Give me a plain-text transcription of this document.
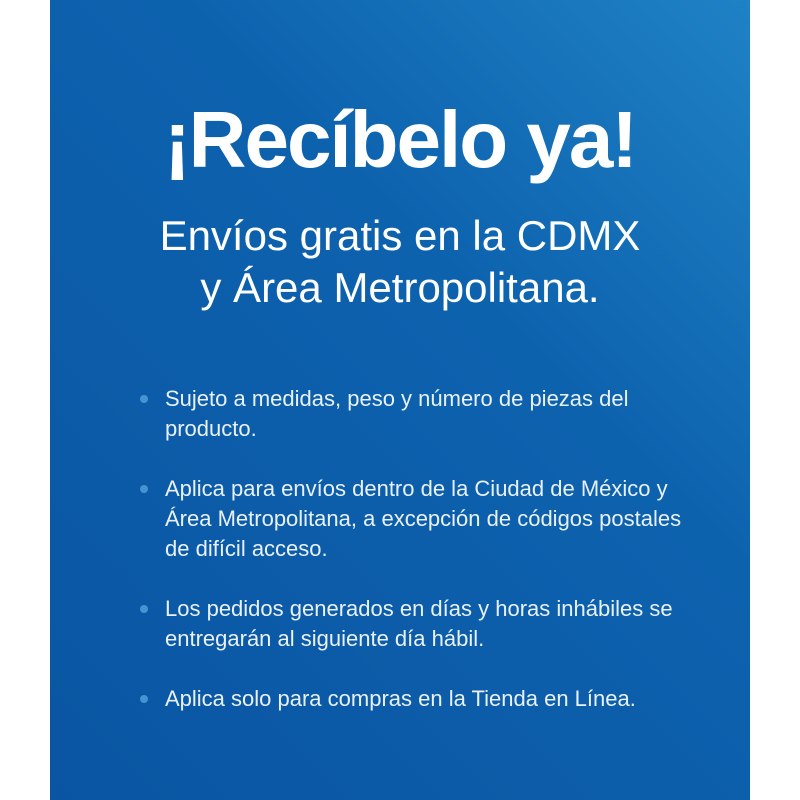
¡Recíbelo ya!
Envíos gratis en la CDMX
y Área Metropolitana.
Sujeto a medidas, peso y número de piezas del producto.
Aplica para envíos dentro de la Ciudad de México y Área Metropolitana, a excepción de códigos postales de difícil acceso.
Los pedidos generados en días y horas inhábiles se entregarán al siguiente día hábil.
Aplica solo para compras en la Tienda en Línea.
